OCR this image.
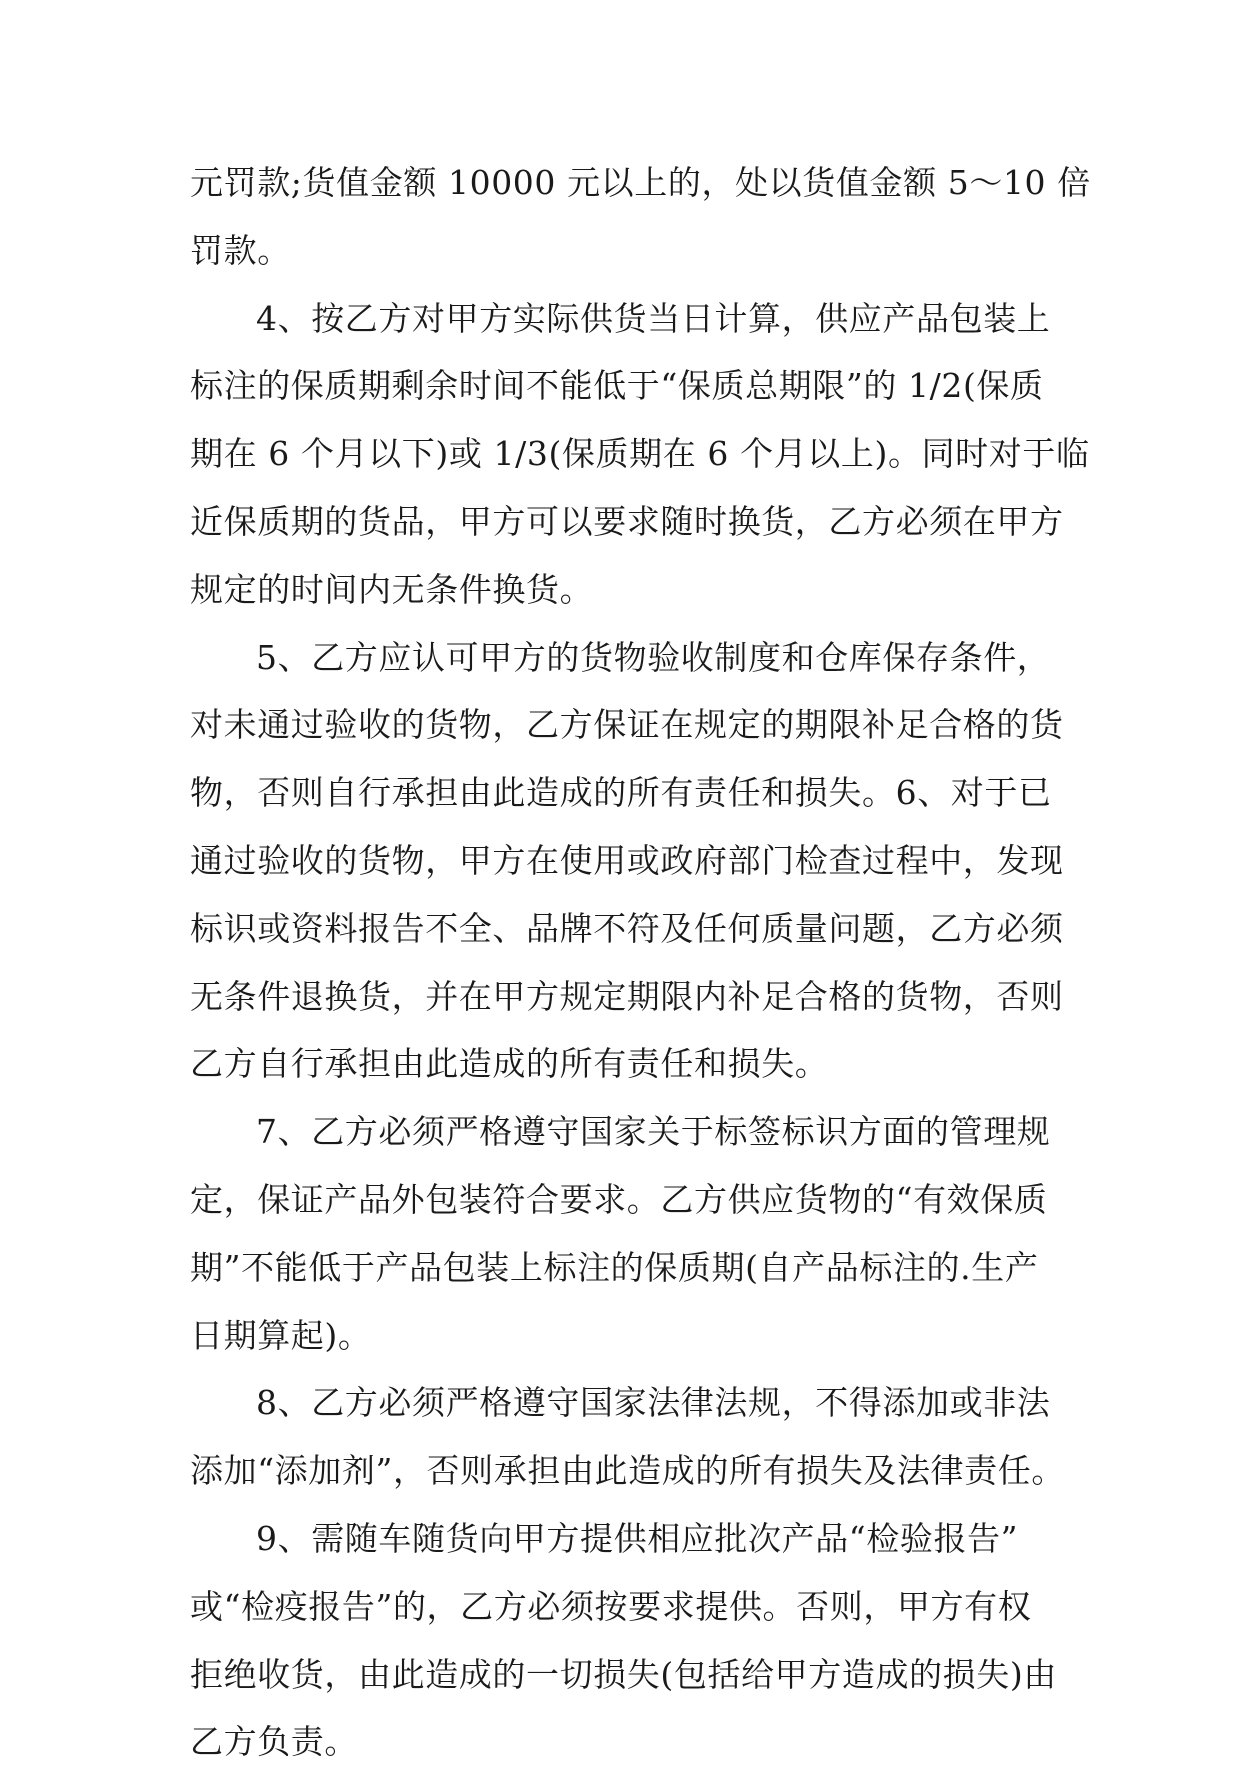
元罚款;货值金额 10000 元以上的，处以货值金额 5～10 倍
罚款。
4、按乙方对甲方实际供货当日计算，供应产品包装上
标注的保质期剩余时间不能低于“保质总期限”的 1/2(保质
期在 6 个月以下)或 1/3(保质期在 6 个月以上)。同时对于临
近保质期的货品，甲方可以要求随时换货，乙方必须在甲方
规定的时间内无条件换货。
5、乙方应认可甲方的货物验收制度和仓库保存条件，
对未通过验收的货物，乙方保证在规定的期限补足合格的货
物，否则自行承担由此造成的所有责任和损失。6、对于已
通过验收的货物，甲方在使用或政府部门检查过程中，发现
标识或资料报告不全、品牌不符及任何质量问题，乙方必须
无条件退换货，并在甲方规定期限内补足合格的货物，否则
乙方自行承担由此造成的所有责任和损失。
7、乙方必须严格遵守国家关于标签标识方面的管理规
定，保证产品外包装符合要求。乙方供应货物的“有效保质
期”不能低于产品包装上标注的保质期(自产品标注的.生产
日期算起)。
8、乙方必须严格遵守国家法律法规，不得添加或非法
添加“添加剂”，否则承担由此造成的所有损失及法律责任。
9、需随车随货向甲方提供相应批次产品“检验报告”
或“检疫报告”的，乙方必须按要求提供。否则，甲方有权
拒绝收货，由此造成的一切损失(包括给甲方造成的损失)由
乙方负责。
